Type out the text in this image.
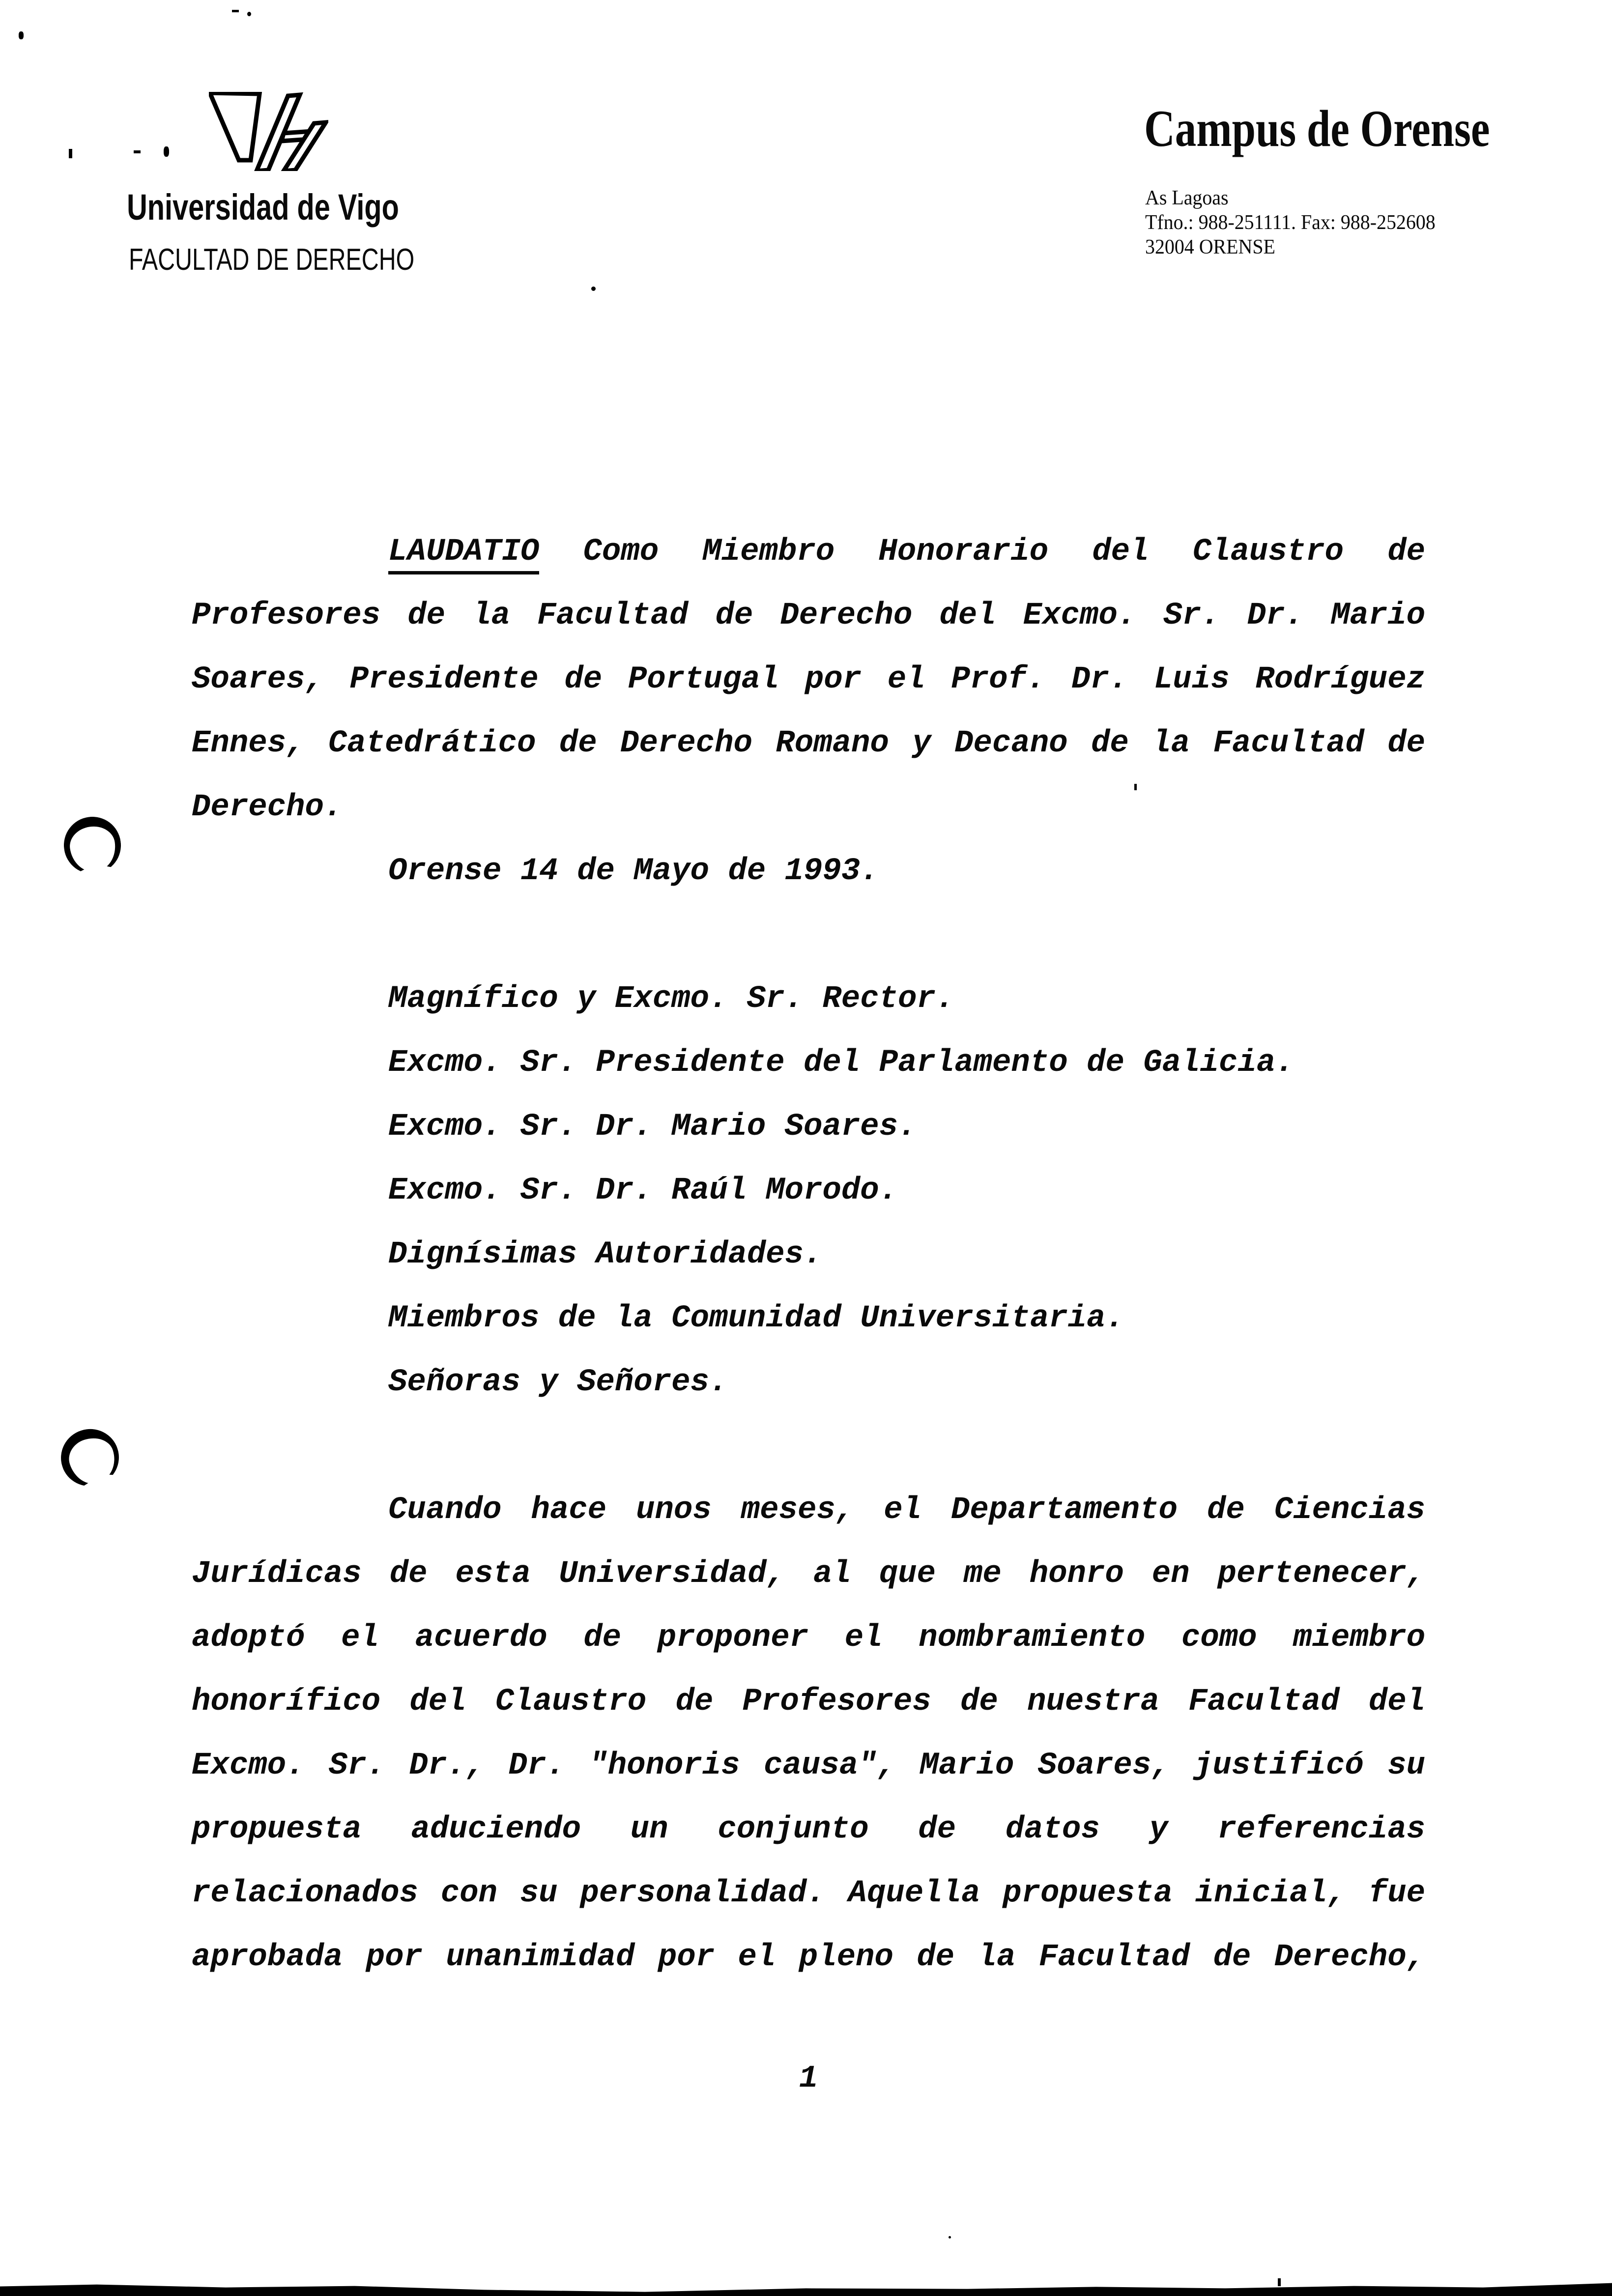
Universidad de Vigo
FACULTAD DE DERECHO
Campus de Orense
As Lagoas
Tfno.: 988-251111. Fax: 988-252608
32004 ORENSE
LAUDATIO Como Miembro Honorario del Claustro de
Profesores de la Facultad de Derecho del Excmo. Sr. Dr. Mario
Soares, Presidente de Portugal por el Prof. Dr. Luis Rodríguez
Ennes, Catedrático de Derecho Romano y Decano de la Facultad de
Derecho.
Orense 14 de Mayo de 1993.
Magnífico y Excmo. Sr. Rector.
Excmo. Sr. Presidente del Parlamento de Galicia.
Excmo. Sr. Dr. Mario Soares.
Excmo. Sr. Dr. Raúl Morodo.
Dignísimas Autoridades.
Miembros de la Comunidad Universitaria.
Señoras y Señores.
Cuando hace unos meses, el Departamento de Ciencias
Jurídicas de esta Universidad, al que me honro en pertenecer,
adoptó el acuerdo de proponer el nombramiento como miembro
honorífico del Claustro de Profesores de nuestra Facultad del
Excmo. Sr. Dr., Dr. "honoris causa", Mario Soares, justificó su
propuesta aduciendo un conjunto de datos y referencias
relacionados con su personalidad. Aquella propuesta inicial, fue
aprobada por unanimidad por el pleno de la Facultad de Derecho,
1
